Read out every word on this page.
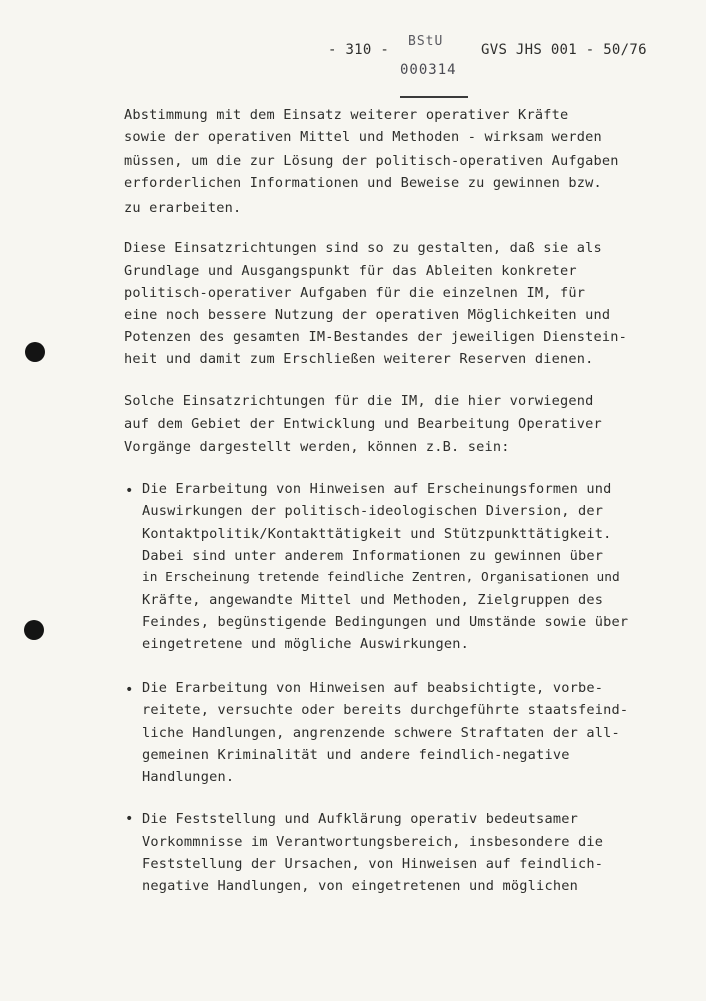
- 310 -
BStU
000314
GVS JHS 001 - 50/76
Abstimmung mit dem Einsatz weiterer operativer Kräfte
sowie der operativen Mittel und Methoden - wirksam werden
müssen, um die zur Lösung der politisch-operativen Aufgaben
erforderlichen Informationen und Beweise zu gewinnen bzw.
zu erarbeiten.
Diese Einsatzrichtungen sind so zu gestalten, daß sie als
Grundlage und Ausgangspunkt für das Ableiten konkreter
politisch-operativer Aufgaben für die einzelnen IM, für
eine noch bessere Nutzung der operativen Möglichkeiten und
Potenzen des gesamten IM-Bestandes der jeweiligen Dienstein-
heit und damit zum Erschließen weiterer Reserven dienen.
Solche Einsatzrichtungen für die IM, die hier vorwiegend
auf dem Gebiet der Entwicklung und Bearbeitung Operativer
Vorgänge dargestellt werden, können z.B. sein:
• Die Erarbeitung von Hinweisen auf Erscheinungsformen und
Auswirkungen der politisch-ideologischen Diversion, der
Kontaktpolitik/Kontakttätigkeit und Stützpunkttätigkeit.
Dabei sind unter anderem Informationen zu gewinnen über
in Erscheinung tretende feindliche Zentren, Organisationen und
Kräfte, angewandte Mittel und Methoden, Zielgruppen des
Feindes, begünstigende Bedingungen und Umstände sowie über
eingetretene und mögliche Auswirkungen.
• Die Erarbeitung von Hinweisen auf beabsichtigte, vorbe-
reitete, versuchte oder bereits durchgeführte staatsfeind-
liche Handlungen, angrenzende schwere Straftaten der all-
gemeinen Kriminalität und andere feindlich-negative
Handlungen.
• Die Feststellung und Aufklärung operativ bedeutsamer
Vorkommnisse im Verantwortungsbereich, insbesondere die
Feststellung der Ursachen, von Hinweisen auf feindlich-
negative Handlungen, von eingetretenen und möglichen
